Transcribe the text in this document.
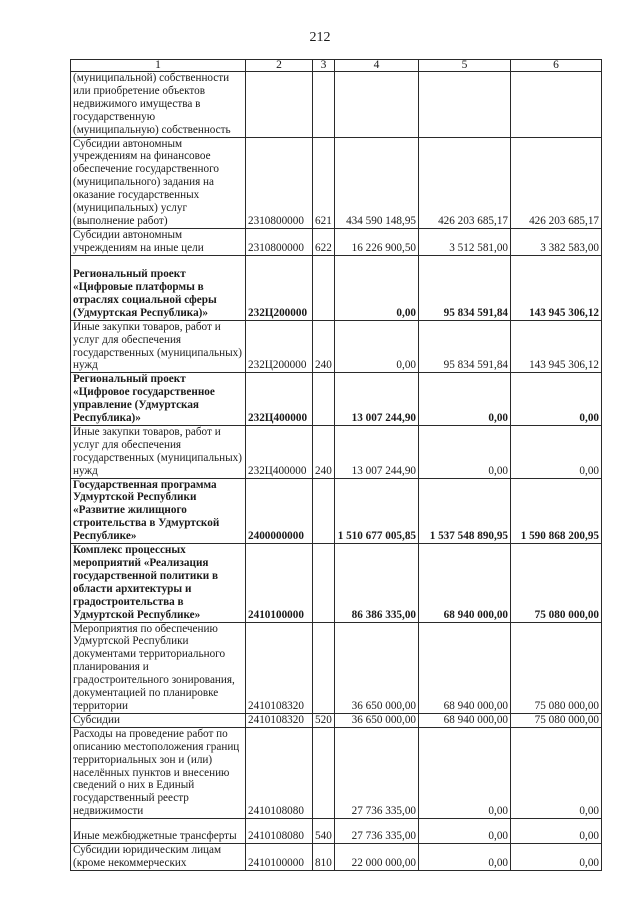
212
1	2	3	4	5	6
(муниципальной) собственности или приобретение объектов недвижимого имущества в государственную (муниципальную) собственность					
Субсидии автономным учреждениям на финансовое обеспечение государственного (муниципального) задания на оказание государственных (муниципальных) услуг (выполнение работ)	2310800000	621	434 590 148,95	426 203 685,17	426 203 685,17
Субсидии автономным учреждениям на иные цели	2310800000	622	16 226 900,50	3 512 581,00	3 382 583,00
Региональный проект «Цифровые платформы в отраслях социальной сферы (Удмуртская Республика)»	232Ц200000		0,00	95 834 591,84	143 945 306,12
Иные закупки товаров, работ и услуг для обеспечения государственных (муниципальных) нужд	232Ц200000	240	0,00	95 834 591,84	143 945 306,12
Региональный проект «Цифровое государственное управление (Удмуртская Республика)»	232Ц400000		13 007 244,90	0,00	0,00
Иные закупки товаров, работ и услуг для обеспечения государственных (муниципальных) нужд	232Ц400000	240	13 007 244,90	0,00	0,00
Государственная программа Удмуртской Республики «Развитие жилищного строительства в Удмуртской Республике»	2400000000		1 510 677 005,85	1 537 548 890,95	1 590 868 200,95
Комплекс процессных мероприятий «Реализация государственной политики в области архитектуры и градостроительства в Удмуртской Республике»	2410100000		86 386 335,00	68 940 000,00	75 080 000,00
Мероприятия по обеспечению Удмуртской Республики документами территориального планирования и градостроительного зонирования, документацией по планировке территории	2410108320		36 650 000,00	68 940 000,00	75 080 000,00
Субсидии	2410108320	520	36 650 000,00	68 940 000,00	75 080 000,00
Расходы на проведение работ по описанию местоположения границ территориальных зон и (или) населённых пунктов и внесению сведений о них в Единый государственный реестр недвижимости	2410108080		27 736 335,00	0,00	0,00
Иные межбюджетные трансферты	2410108080	540	27 736 335,00	0,00	0,00
Субсидии юридическим лицам (кроме некоммерческих	2410100000	810	22 000 000,00	0,00	0,00
